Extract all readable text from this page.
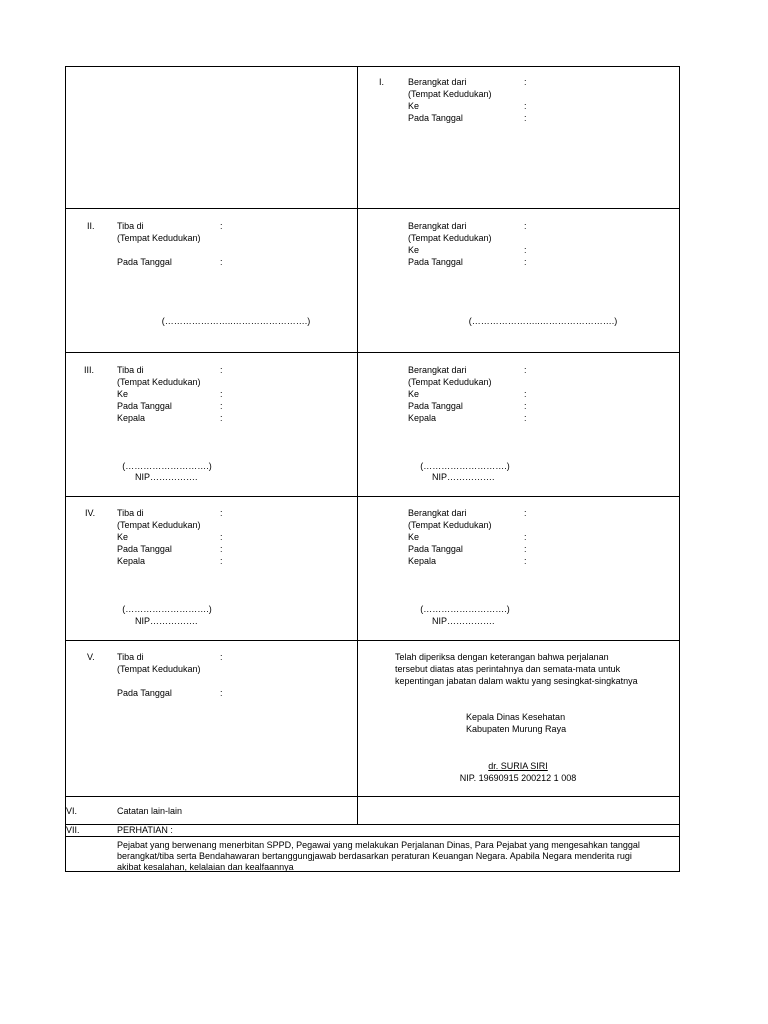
I.	Berangkat dari	:
(Tempat Kedudukan)
Ke	:
Pada Tanggal	:
II. Tiba di	:
(Tempat Kedudukan)
Pada Tanggal	:
(…………………..…………………….)
Berangkat dari	:
(Tempat Kedudukan)
Ke	:
Pada Tanggal	:
(…………………..…………………….)
III.	Tiba di	:
(Tempat Kedudukan)
Ke	:
Pada Tanggal	:
Kepala	:
(……………………….)
NIP…………….
Berangkat dari	:
(Tempat Kedudukan)
Ke	:
Pada Tanggal	:
Kepala	:
(……………………….)
NIP…………….
IV. Tiba di	:
(Tempat Kedudukan)
Ke	:
Pada Tanggal	:
Kepala	:
(……………………….)
NIP…………….
Berangkat dari	:
(Tempat Kedudukan)
Ke	:
Pada Tanggal	:
Kepala	:
(……………………….)
NIP…………….
V. Tiba di	:
(Tempat Kedudukan)
Pada Tanggal	:
Telah diperiksa dengan keterangan bahwa perjalanan
tersebut diatas atas perintahnya dan semata-mata untuk
kepentingan jabatan dalam waktu yang sesingkat-singkatnya
Kepala Dinas Kesehatan
Kabupaten Murung Raya
dr. SURIA SIRI
NIP. 19690915 200212 1 008
VI.	Catatan lain-lain
VII.	PERHATIAN :
Pejabat yang berwenang menerbitan SPPD, Pegawai yang melakukan Perjalanan Dinas, Para Pejabat yang mengesahkan tanggal
berangkat/tiba serta Bendahawaran bertanggungjawab berdasarkan peraturan Keuangan Negara. Apabila Negara menderita rugi
akibat kesalahan, kelalaian dan kealfaannya
